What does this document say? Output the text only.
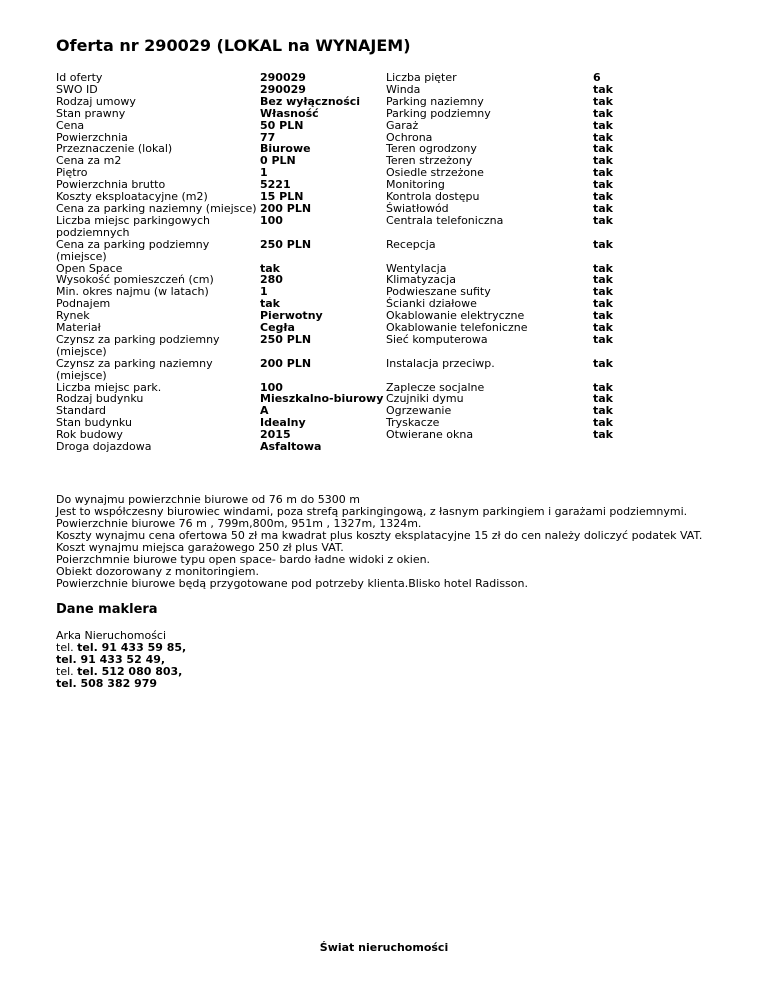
Oferta nr 290029 (LOKAL na WYNAJEM)
Id oferty	290029	Liczba pięter	6
SWO ID	290029	Winda	tak
Rodzaj umowy	Bez wyłączności	Parking naziemny	tak
Stan prawny	Własność	Parking podziemny	tak
Cena	50 PLN	Garaż	tak
Powierzchnia	77	Ochrona	tak
Przeznaczenie (lokal)	Biurowe	Teren ogrodzony	tak
Cena za m2	0 PLN	Teren strzeżony	tak
Piętro	1	Osiedle strzeżone	tak
Powierzchnia brutto	5221	Monitoring	tak
Koszty eksploatacyjne (m2)	15 PLN	Kontrola dostępu	tak
Cena za parking naziemny (miejsce)	200 PLN	Światłowód	tak
Liczba miejsc parkingowych podziemnych	100	Centrala telefoniczna	tak
Cena za parking podziemny (miejsce)	250 PLN	Recepcja	tak
Open Space	tak	Wentylacja	tak
Wysokość pomieszczeń (cm)	280	Klimatyzacja	tak
Min. okres najmu (w latach)	1	Podwieszane sufity	tak
Podnajem	tak	Ścianki działowe	tak
Rynek	Pierwotny	Okablowanie elektryczne	tak
Materiał	Cegła	Okablowanie telefoniczne	tak
Czynsz za parking podziemny (miejsce)	250 PLN	Sieć komputerowa	tak
Czynsz za parking naziemny (miejsce)	200 PLN	Instalacja przeciwp.	tak
Liczba miejsc park.	100	Zaplecze socjalne	tak
Rodzaj budynku	Mieszkalno-biurowy	Czujniki dymu	tak
Standard	A	Ogrzewanie	tak
Stan budynku	Idealny	Tryskacze	tak
Rok budowy	2015	Otwierane okna	tak
Droga dojazdowa	Asfaltowa		
Do wynajmu powierzchnie biurowe od 76 m do 5300 m
Jest to współczesny biurowiec windami, poza strefą parkingingową, z łasnym parkingiem i garażami podziemnymi.
Powierzchnie biurowe 76 m , 799m,800m, 951m , 1327m, 1324m.
Koszty wynajmu cena ofertowa 50 zł ma kwadrat plus koszty eksplatacyjne 15 zł do cen należy doliczyć podatek VAT.
Koszt wynajmu miejsca garażowego 250 zł plus VAT.
Poierzchmnie biurowe typu open space- bardo ładne widoki z okien.
Obiekt dozorowany z monitoringiem.
Powierzchnie biurowe będą przygotowane pod potrzeby klienta.Blisko hotel Radisson.
Dane maklera
Arka Nieruchomości
tel. tel. 91 433 59 85,
tel. 91 433 52 49,
tel. tel. 512 080 803,
tel. 508 382 979
Świat nieruchomości
